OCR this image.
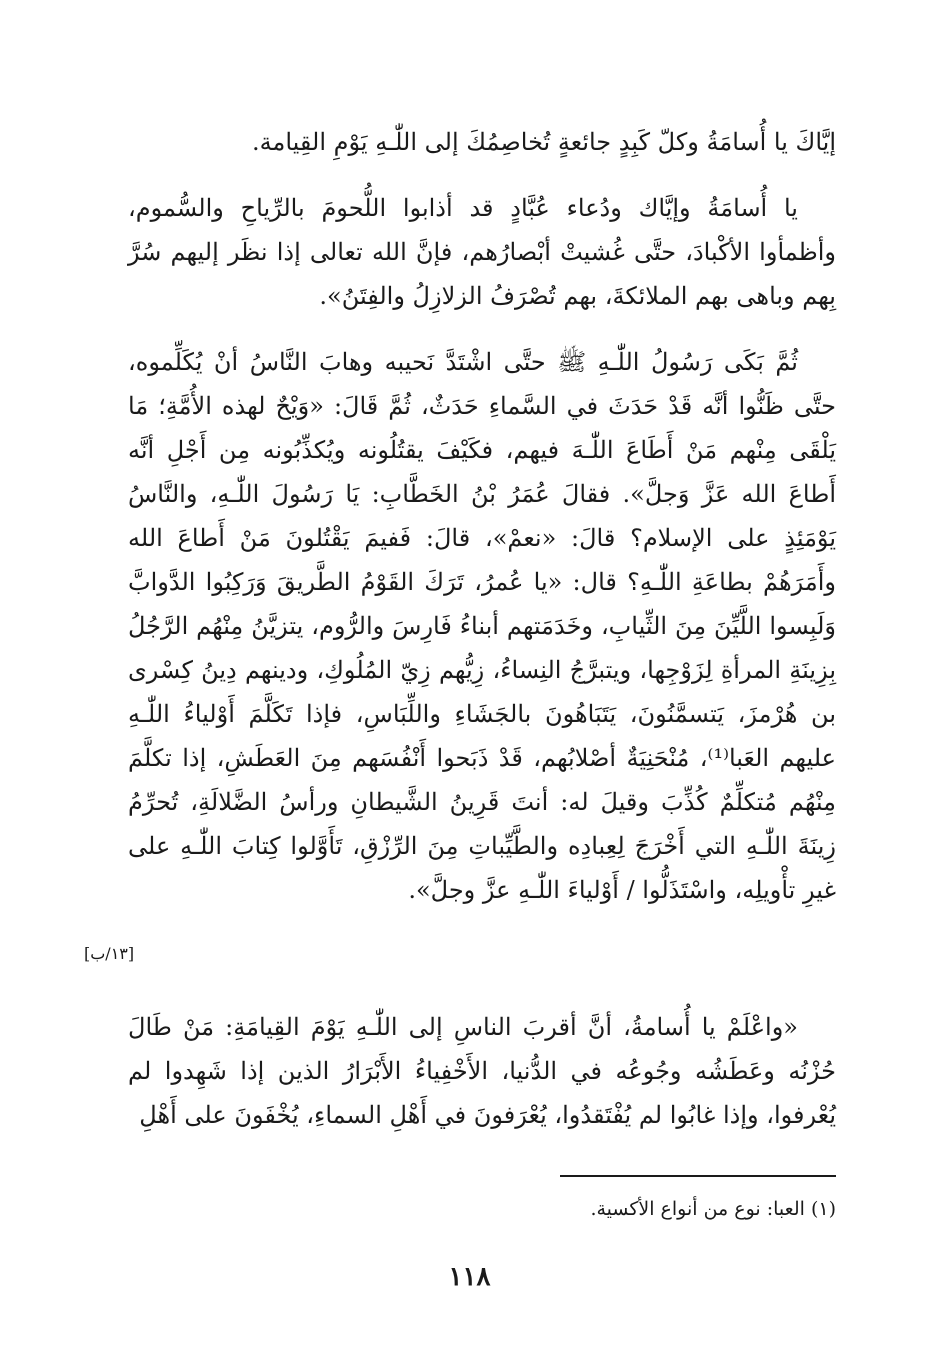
إيَّاكَ يا أُسامَةُ وكلّ كَبِدٍ جائعةٍ تُخاصِمُكَ إلى اللّٰـهِ يَوْمِ القِيامة.

يا أُسامَةُ وإيَّاك ودُعاء عُبَّادٍ قد أذابوا اللُّحومَ بالرِّياحِ والسُّموم، وأظمأوا الأكْبادَ، حتَّى غُشيتْ أبْصارُهم، فإنَّ الله تعالى إذا نظَر إليهم سُرَّ بِهم وباهى بهم الملائكةَ، بهم تُصْرَفُ الزلازِلُ والفِتَنُ».

ثُمَّ بَكَى رَسُولُ اللّٰـهِ ﷺ حتَّى اشْتَدَّ نَحيبه وهابَ النَّاسُ أنْ يُكَلِّموه، حتَّى ظَنُّوا أنَّه قَدْ حَدَثَ في السَّماءِ حَدَثٌ، ثُمَّ قَالَ: «وَيْحٌ لهذه الأُمَّةِ؛ مَا يَلْقَى مِنْهم مَنْ أَطَاعَ اللّٰـهَ فيهم، فكَيْفَ يقتُلُونه ويُكذِّبُونه مِن أَجْلِ أنَّه أَطاعَ الله عَزَّ وَجلَّ». فقالَ عُمَرُ بْنُ الخَطَّابِ: يَا رَسُولَ اللّٰـهِ، والنَّاسُ يَوْمَئِذٍ على الإسلام؟ قالَ: «نعمْ»، قالَ: فَفيمَ يَقْتُلونَ مَنْ أَطاعَ الله وأَمَرَهُمْ بطاعَةِ اللّٰـهِ؟ قال: «يا عُمرُ، تَرَكَ القَوْمُ الطَّريقَ وَرَكِبُوا الدَّوابَّ وَلَبِسوا اللَّيِّنَ مِنَ الثِّيابِ، وخَدَمَتهم أبناءُ فَارِسَ والرُّوم، يتزيَّنُ مِنْهُم الرَّجُلُ بِزِينَةِ المرأةِ لِزَوْجِها، ويتبرَّجُ النِساءُ، زِيُّهم زِيّ المُلُوكِ، ودينهم دِينُ كِسْرى بن هُرْمزَ، يَتسمَّنُونَ، يَتَبَاهُونَ بالجَشَاءِ واللِّبَاسِ، فإذا تَكَلَّمَ أَوْلياءُ اللّٰـهِ عليهم العَبا⁽¹⁾، مُنْحَنِيَةٌ أصْلابُهم، قَدْ ذَبَحوا أَنْفُسَهم مِنَ العَطَشِ، إذا تكلَّمَ مِنْهُم مُتكلِّمٌ كُذِّبَ وقيلَ له: أنتَ قَرِينُ الشَّيطانِ ورأسُ الضَّلالَةِ، تُحرِّمُ زِينَةَ اللّٰـهِ التي أَخْرَجَ لِعِبادِه والطَّيِّباتِ مِنَ الرِّزْقِ، تَأَوَّلوا كِتابَ اللّٰـهِ على غيرِ تأْويلِه، واسْتَذَلُّوا / أَوْلياءَ اللّٰـهِ عزَّ وجلَّ».

«واعْلَمْ يا أُسامةُ، أنَّ أقربَ الناسِ إلى اللّٰـهِ يَوْمَ القِيامَةِ: مَنْ طَالَ حُزْنُه وعَطَشُه وجُوعُه في الدُّنيا، الأَخْفِياءُ الأَبْرَارُ الذين إذا شَهِدوا لم يُعْرفوا، وإذا غابُوا لم يُفْتَقدُوا، يُعْرَفونَ في أَهْلِ السماءِ، يُخْفَونَ على أَهْلِ

[١٣/ب]
(١) العبا: نوع من أنواع الأكسية.
١١٨
